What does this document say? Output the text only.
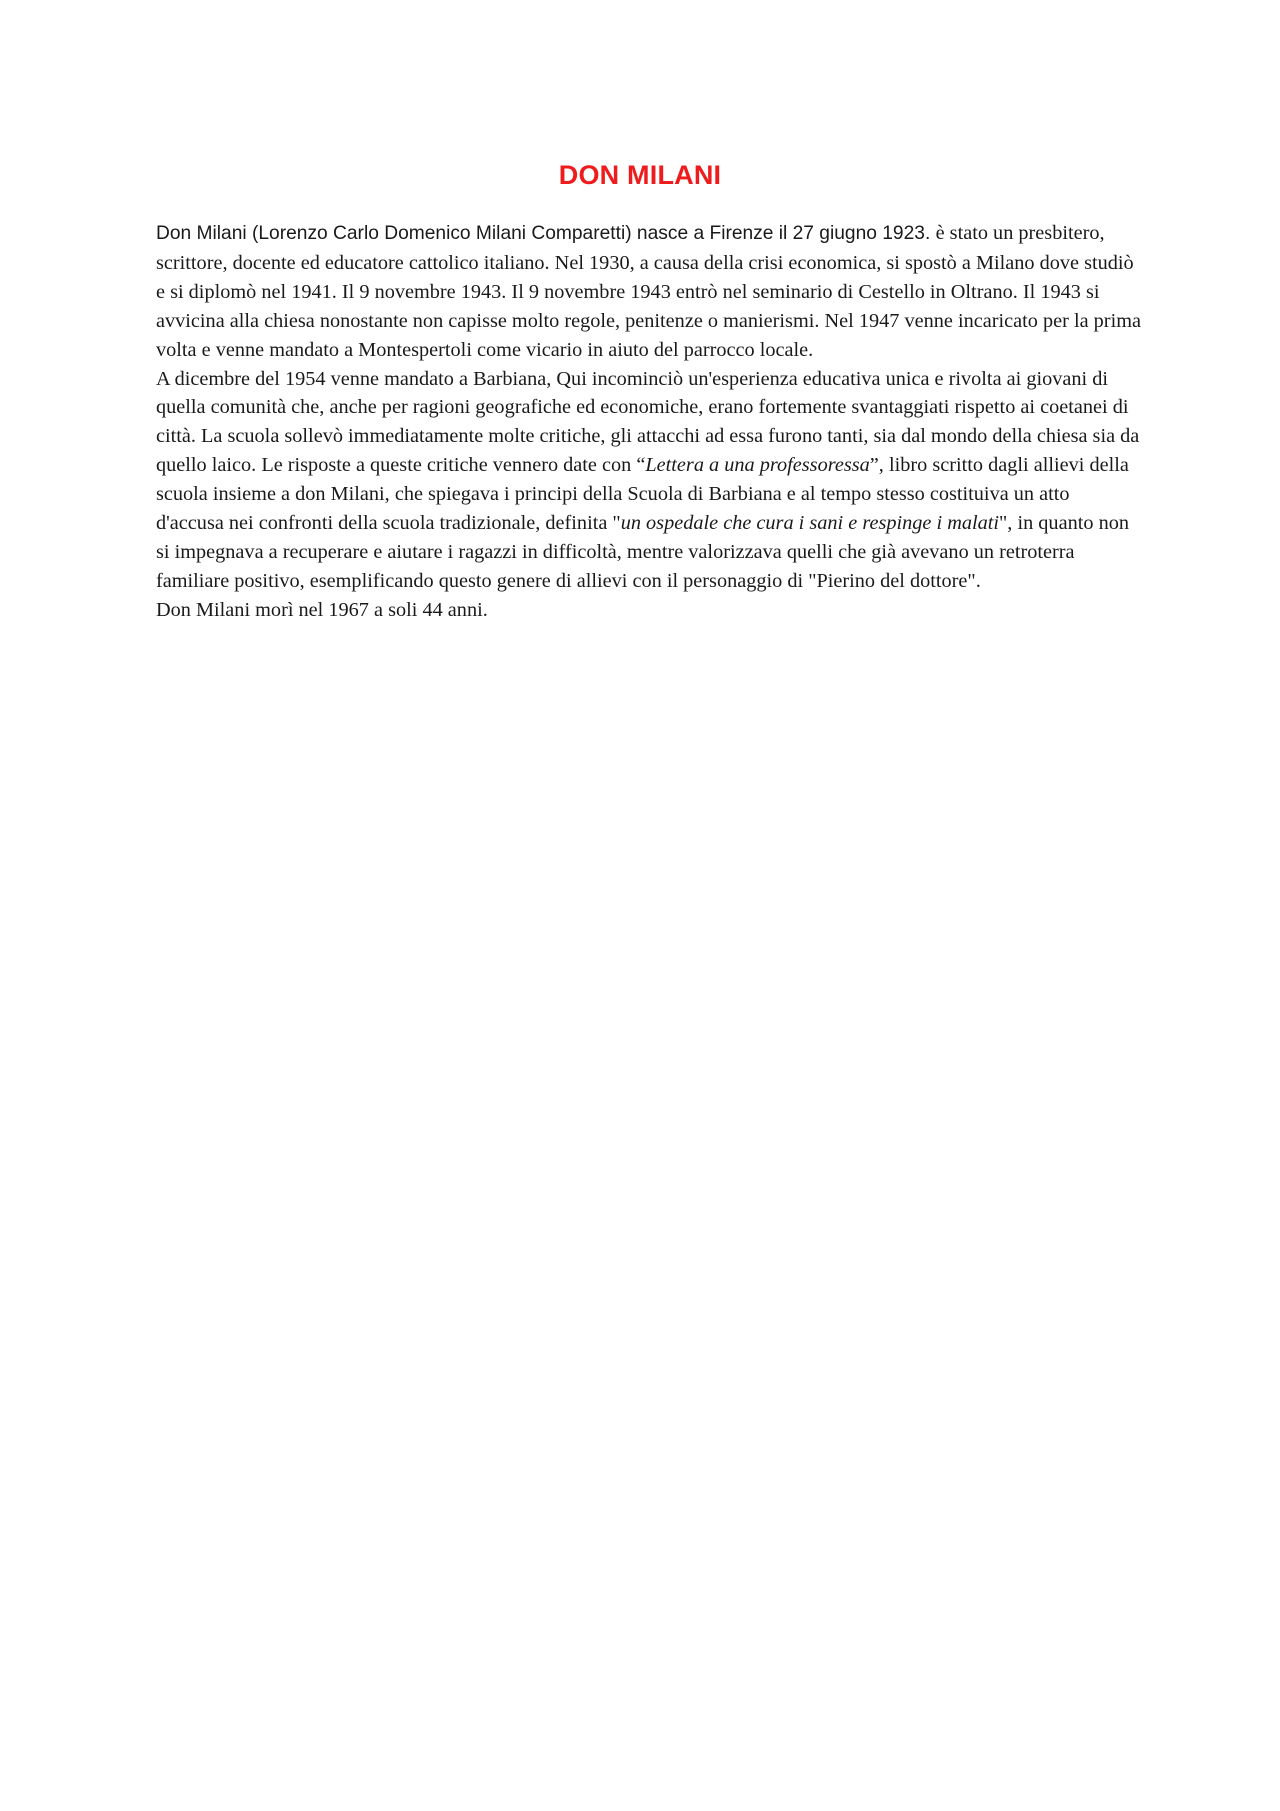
DON MILANI

Don Milani (Lorenzo Carlo Domenico Milani Comparetti) nasce a Firenze il 27 giugno 1923. è stato un presbitero, scrittore, docente ed educatore cattolico italiano. Nel 1930, a causa della crisi economica, si spostò a Milano dove studiò e si diplomò nel 1941. Il 9 novembre 1943. Il 9 novembre 1943 entrò nel seminario di Cestello in Oltrano. Il 1943 si avvicina alla chiesa nonostante non capisse molto regole, penitenze o manierismi. Nel 1947 venne incaricato per la prima volta e venne mandato a Montespertoli come vicario in aiuto del parrocco locale.

A dicembre del 1954 venne mandato a Barbiana, Qui incominciò un'esperienza educativa unica e rivolta ai giovani di quella comunità che, anche per ragioni geografiche ed economiche, erano fortemente svantaggiati rispetto ai coetanei di città. La scuola sollevò immediatamente molte critiche, gli attacchi ad essa furono tanti, sia dal mondo della chiesa sia da quello laico. Le risposte a queste critiche vennero date con “Lettera a una professoressa”, libro scritto dagli allievi della scuola insieme a don Milani, che spiegava i principi della Scuola di Barbiana e al tempo stesso costituiva un atto d'accusa nei confronti della scuola tradizionale, definita "un ospedale che cura i sani e respinge i malati", in quanto non si impegnava a recuperare e aiutare i ragazzi in difficoltà, mentre valorizzava quelli che già avevano un retroterra familiare positivo, esemplificando questo genere di allievi con il personaggio di "Pierino del dottore".

Don Milani morì nel 1967 a soli 44 anni.
